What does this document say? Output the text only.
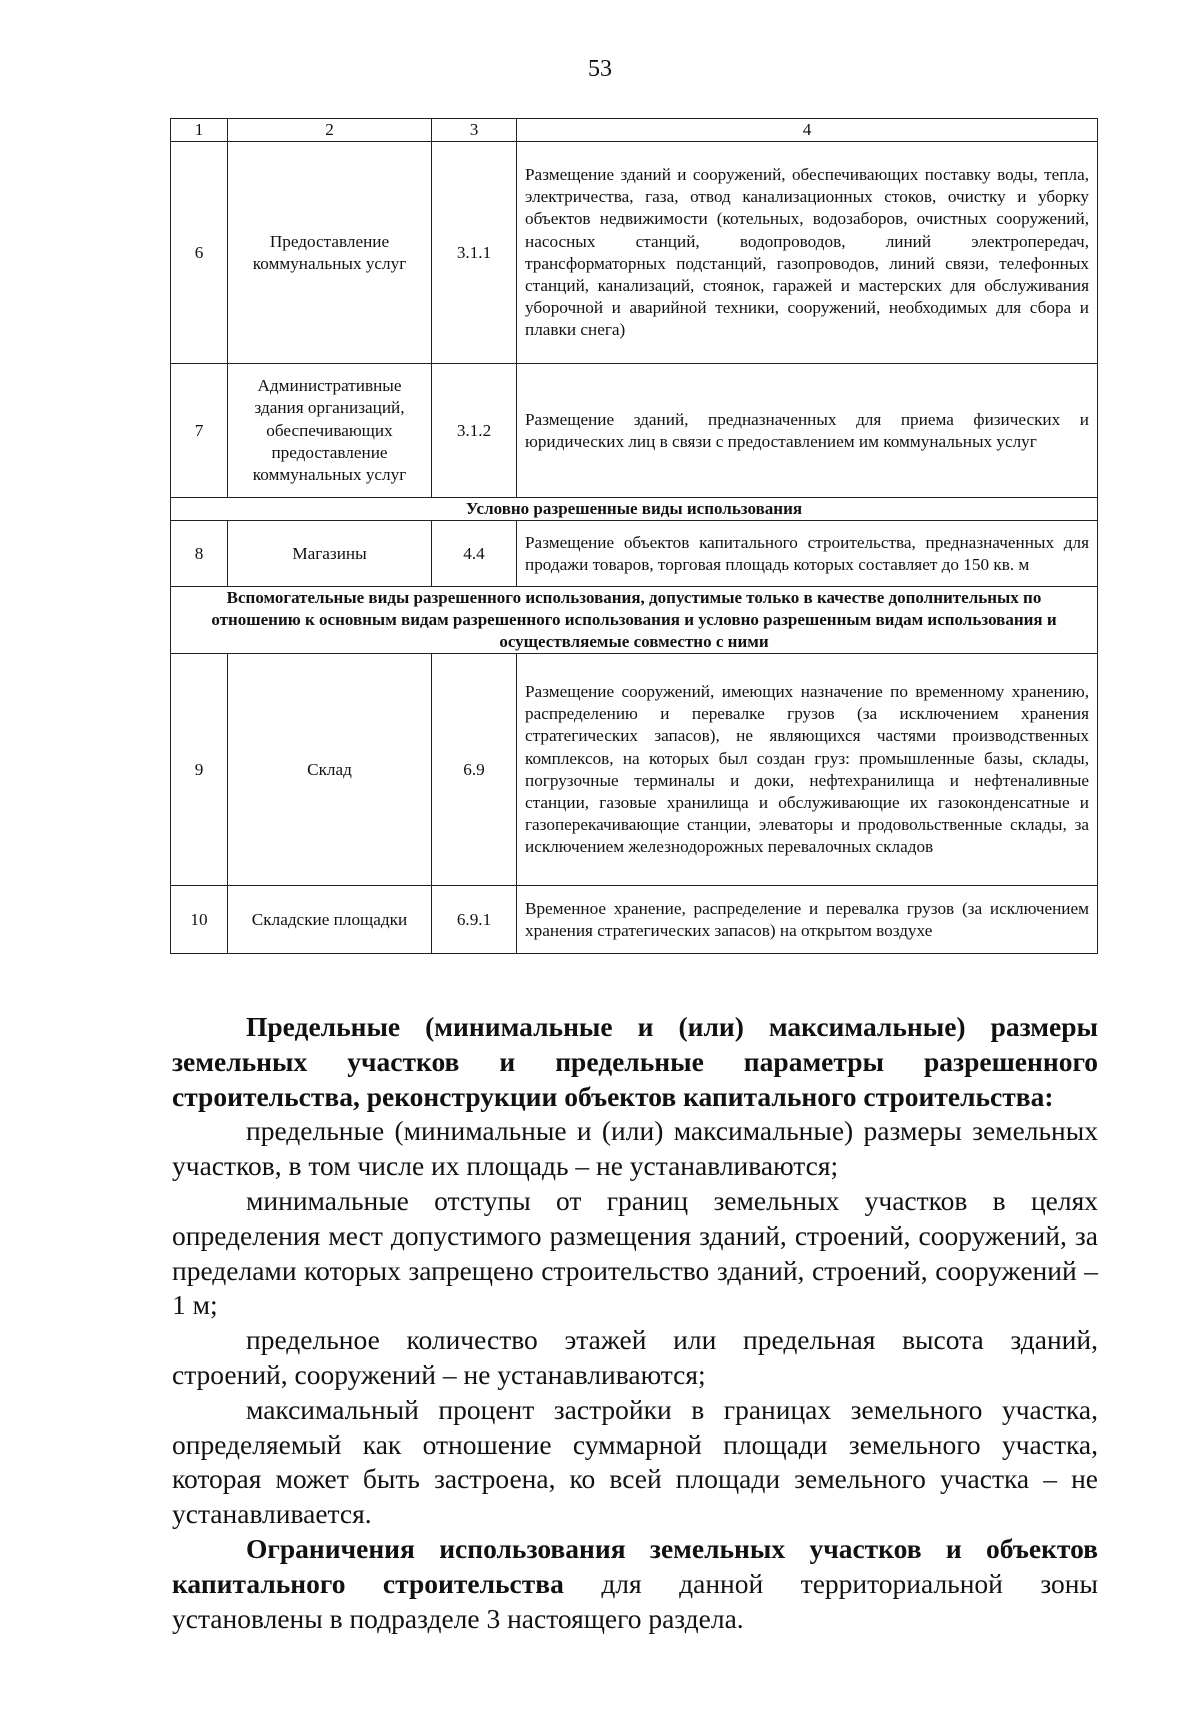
53
1	2	3	4
6	Предоставление коммунальных услуг	3.1.1	Размещение зданий и сооружений, обеспечивающих поставку воды, тепла, электричества, газа, отвод канализационных стоков, очистку и уборку объектов недвижимости (котельных, водозаборов, очистных сооружений, насосных станций, водопроводов, линий электропередач, трансформаторных подстанций, газопроводов, линий связи, телефонных станций, канализаций, стоянок, гаражей и мастерских для обслуживания уборочной и аварийной техники, сооружений, необходимых для сбора и плавки снега)
7	Административные здания организаций, обеспечивающих предоставление коммунальных услуг	3.1.2	Размещение зданий, предназначенных для приема физических и юридических лиц в связи с предоставлением им коммунальных услуг
Условно разрешенные виды использования			
8	Магазины	4.4	Размещение объектов капитального строительства, предназначенных для продажи товаров, торговая площадь которых составляет до 150 кв. м
Вспомогательные виды разрешенного использования, допустимые только в качестве дополнительных по отношению к основным видам разрешенного использования и условно разрешенным видам использования и осуществляемые совместно с ними			
9	Склад	6.9	Размещение сооружений, имеющих назначение по временному хранению, распределению и перевалке грузов (за исключением хранения стратегических запасов), не являющихся частями производственных комплексов, на которых был создан груз: промышленные базы, склады, погрузочные терминалы и доки, нефтехранилища и нефтеналивные станции, газовые хранилища и обслуживающие их газоконденсатные и газоперекачивающие станции, элеваторы и продовольственные склады, за исключением железнодорожных перевалочных складов
10	Складские площадки	6.9.1	Временное хранение, распределение и перевалка грузов (за исключением хранения стратегических запасов) на открытом воздухе

Предельные (минимальные и (или) максимальные) размеры земельных участков и предельные параметры разрешенного строительства, реконструкции объектов капитального строительства:

предельные (минимальные и (или) максимальные) размеры земельных участков, в том числе их площадь – не устанавливаются;

минимальные отступы от границ земельных участков в целях определения мест допустимого размещения зданий, строений, сооружений, за пределами которых запрещено строительство зданий, строений, сооружений – 1 м;

предельное количество этажей или предельная высота зданий, строений, сооружений – не устанавливаются;

максимальный процент застройки в границах земельного участка, определяемый как отношение суммарной площади земельного участка, которая может быть застроена, ко всей площади земельного участка – не устанавливается.

Ограничения использования земельных участков и объектов капитального строительства для данной территориальной зоны установлены в подразделе 3 настоящего раздела.
